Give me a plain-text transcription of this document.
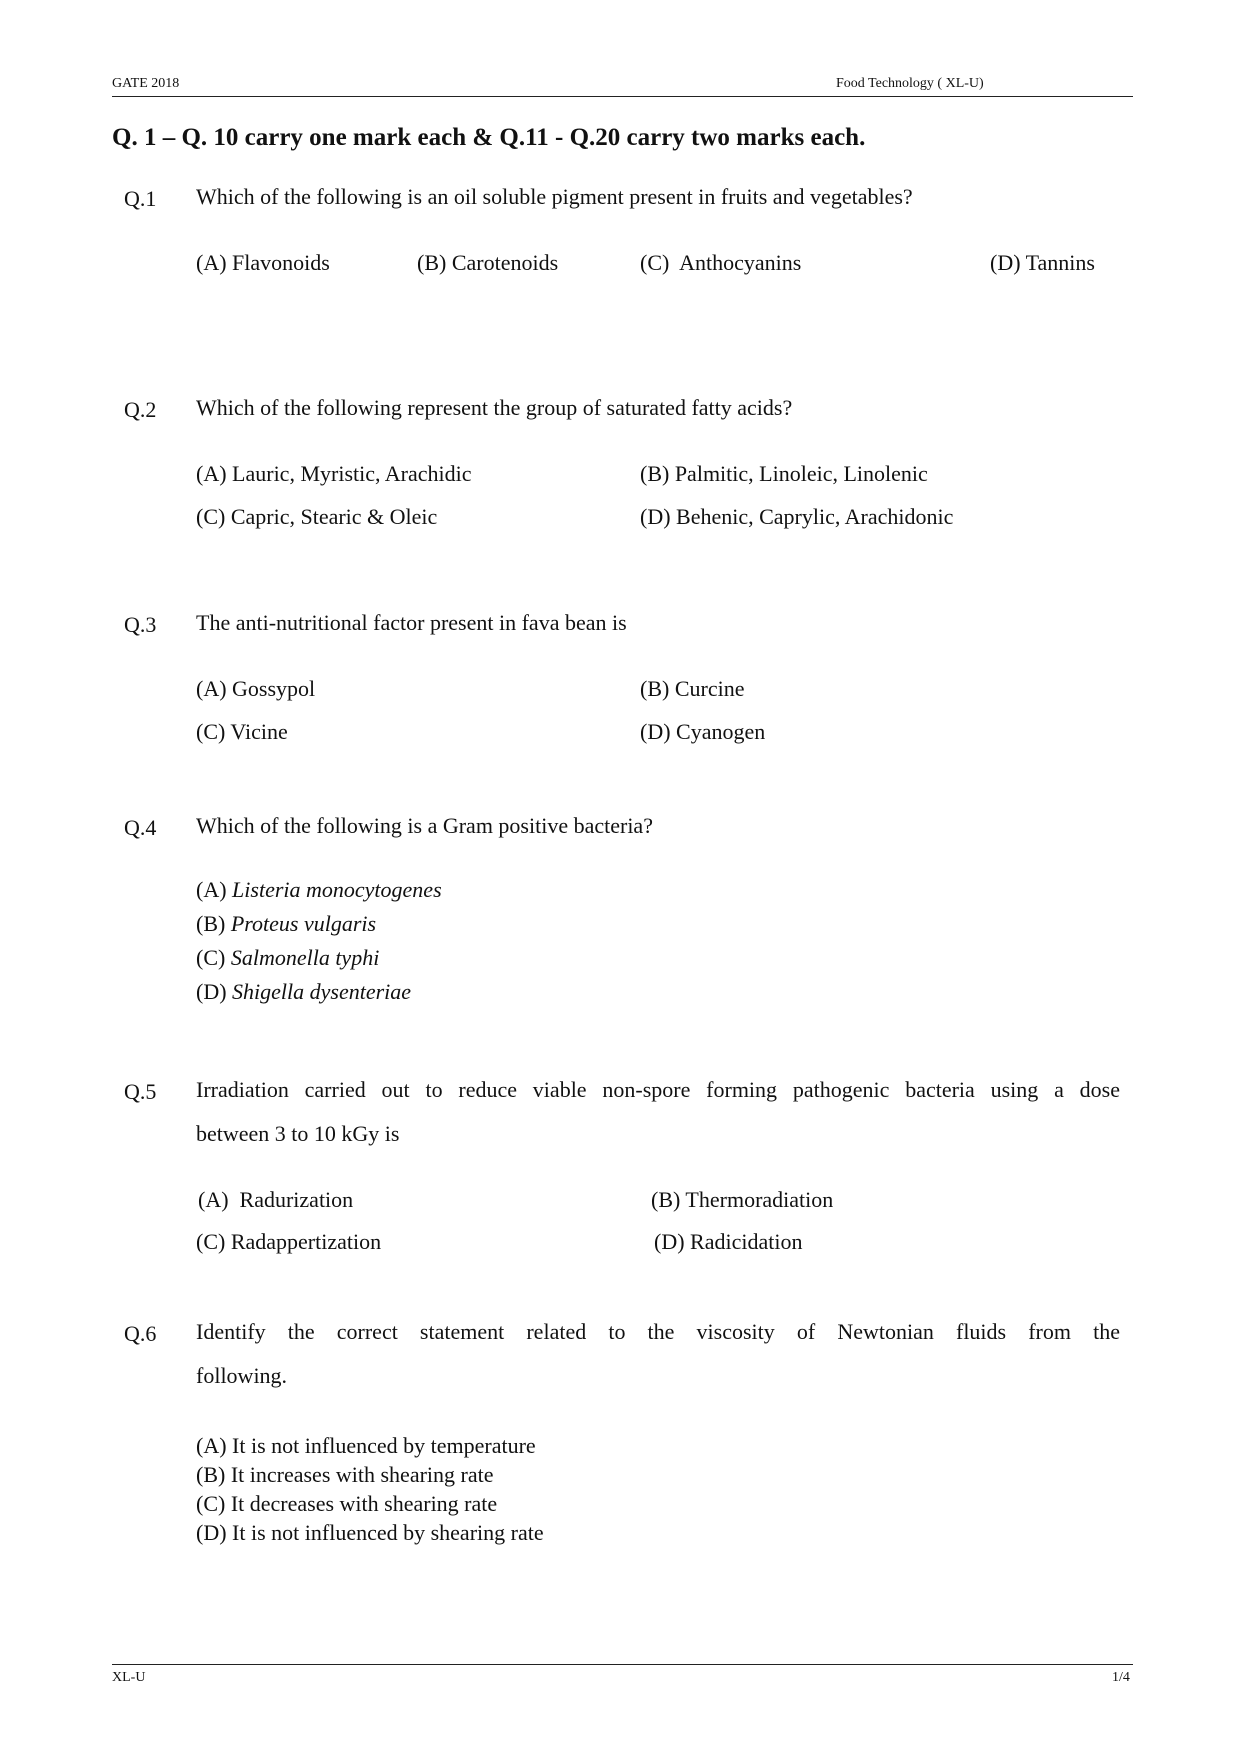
GATE 2018	Food Technology ( XL-U)
Q. 1 – Q. 10 carry one mark each & Q.11 - Q.20 carry two marks each.
Q.1 Which of the following is an oil soluble pigment present in fruits and vegetables?
(A) Flavonoids	(B) Carotenoids	(C)  Anthocyanins	(D) Tannins
Q.2 Which of the following represent the group of saturated fatty acids?
(A) Lauric, Myristic, Arachidic	(B) Palmitic, Linoleic, Linolenic
(C) Capric, Stearic & Oleic	(D) Behenic, Caprylic, Arachidonic
Q.3 The anti-nutritional factor present in fava bean is
(A) Gossypol	(B) Curcine
(C) Vicine	(D) Cyanogen
Q.4 Which of the following is a Gram positive bacteria?
(A) Listeria monocytogenes
(B) Proteus vulgaris
(C) Salmonella typhi
(D) Shigella dysenteriae
Q.5 Irradiation carried out to reduce viable non-spore forming pathogenic bacteria using a dose
between 3 to 10 kGy is
(A)  Radurization	(B) Thermoradiation
(C) Radappertization	(D) Radicidation
Q.6 Identify the correct statement related to the viscosity of Newtonian fluids from the
following.
(A) It is not influenced by temperature
(B) It increases with shearing rate
(C) It decreases with shearing rate
(D) It is not influenced by shearing rate
XL-U	1/4
